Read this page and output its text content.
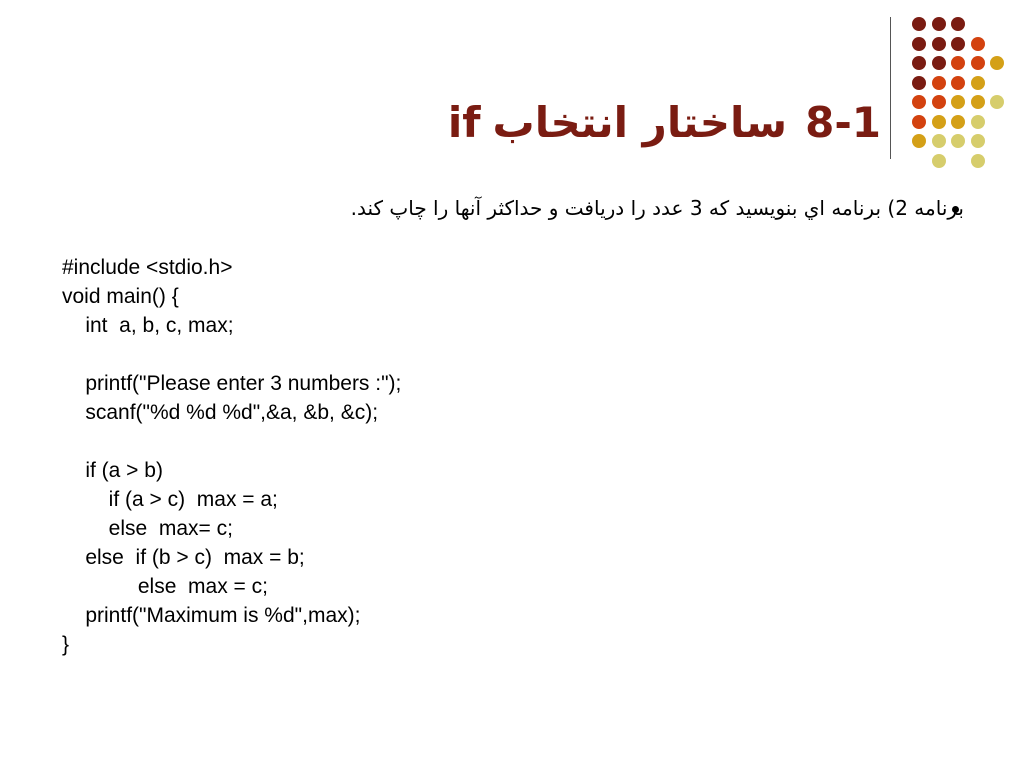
if ساختار انتخاب 8-1
برنامه 2) برنامه اي بنويسيد كه 3 عدد را دريافت و حداكثر آنها را چاپ كند.
#include <stdio.h>
void main() {
int  a, b, c, max;
printf("Please enter 3 numbers :");
scanf("%d %d %d",&a, &b, &c);
if (a > b)
if (a > c)  max = a;
else  max= c;
else  if (b > c)  max = b;
else  max = c;
printf("Maximum is %d",max);
}
